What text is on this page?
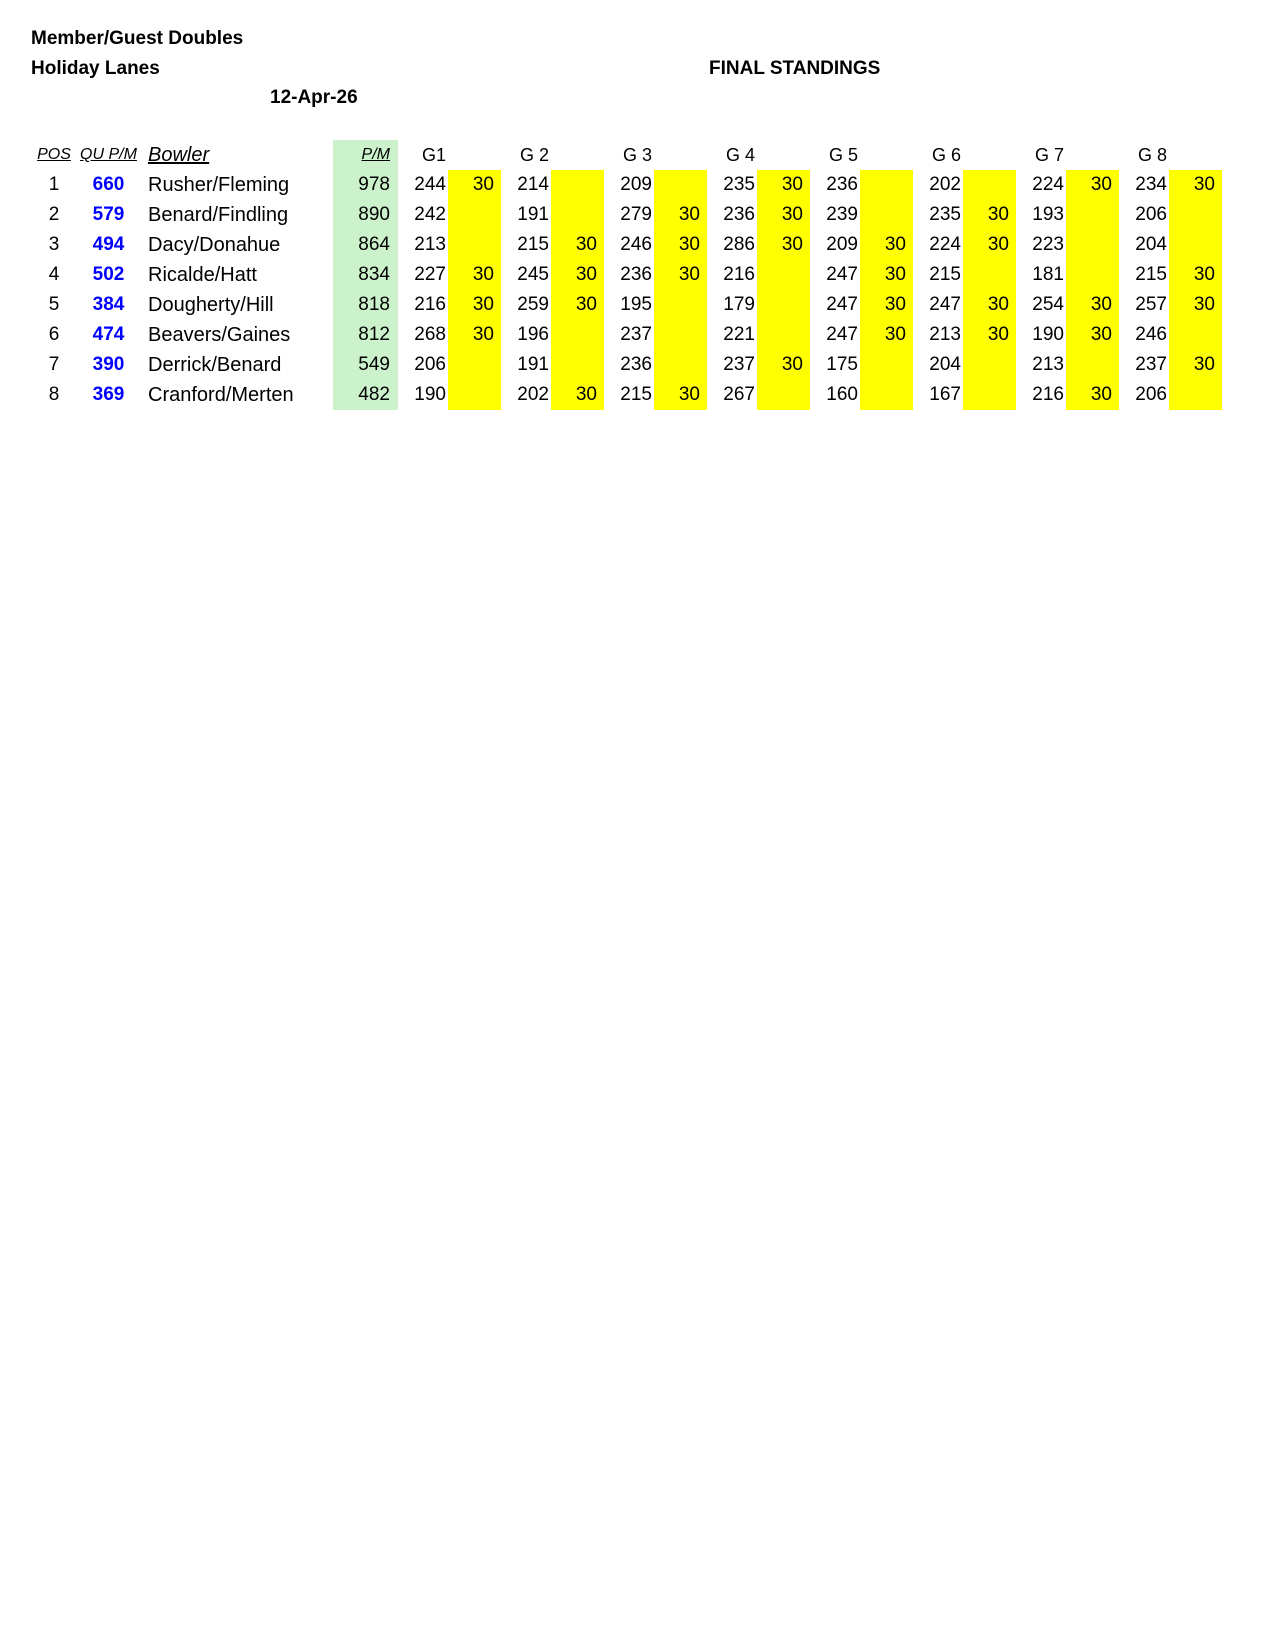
Member/Guest Doubles
Holiday Lanes
12-Apr-26
FINAL STANDINGS
POS	QU P/M	Bowler	P/M	G1		G 2		G 3		G 4		G 5		G 6		G 7		G 8	
1	660	Rusher/Fleming	978	244	30	214		209		235	30	236		202		224	30	234	30
2	579	Benard/Findling	890	242		191		279	30	236	30	239		235	30	193		206	
3	494	Dacy/Donahue	864	213		215	30	246	30	286	30	209	30	224	30	223		204	
4	502	Ricalde/Hatt	834	227	30	245	30	236	30	216		247	30	215		181		215	30
5	384	Dougherty/Hill	818	216	30	259	30	195		179		247	30	247	30	254	30	257	30
6	474	Beavers/Gaines	812	268	30	196		237		221		247	30	213	30	190	30	246	
7	390	Derrick/Benard	549	206		191		236		237	30	175		204		213		237	30
8	369	Cranford/Merten	482	190		202	30	215	30	267		160		167		216	30	206	
